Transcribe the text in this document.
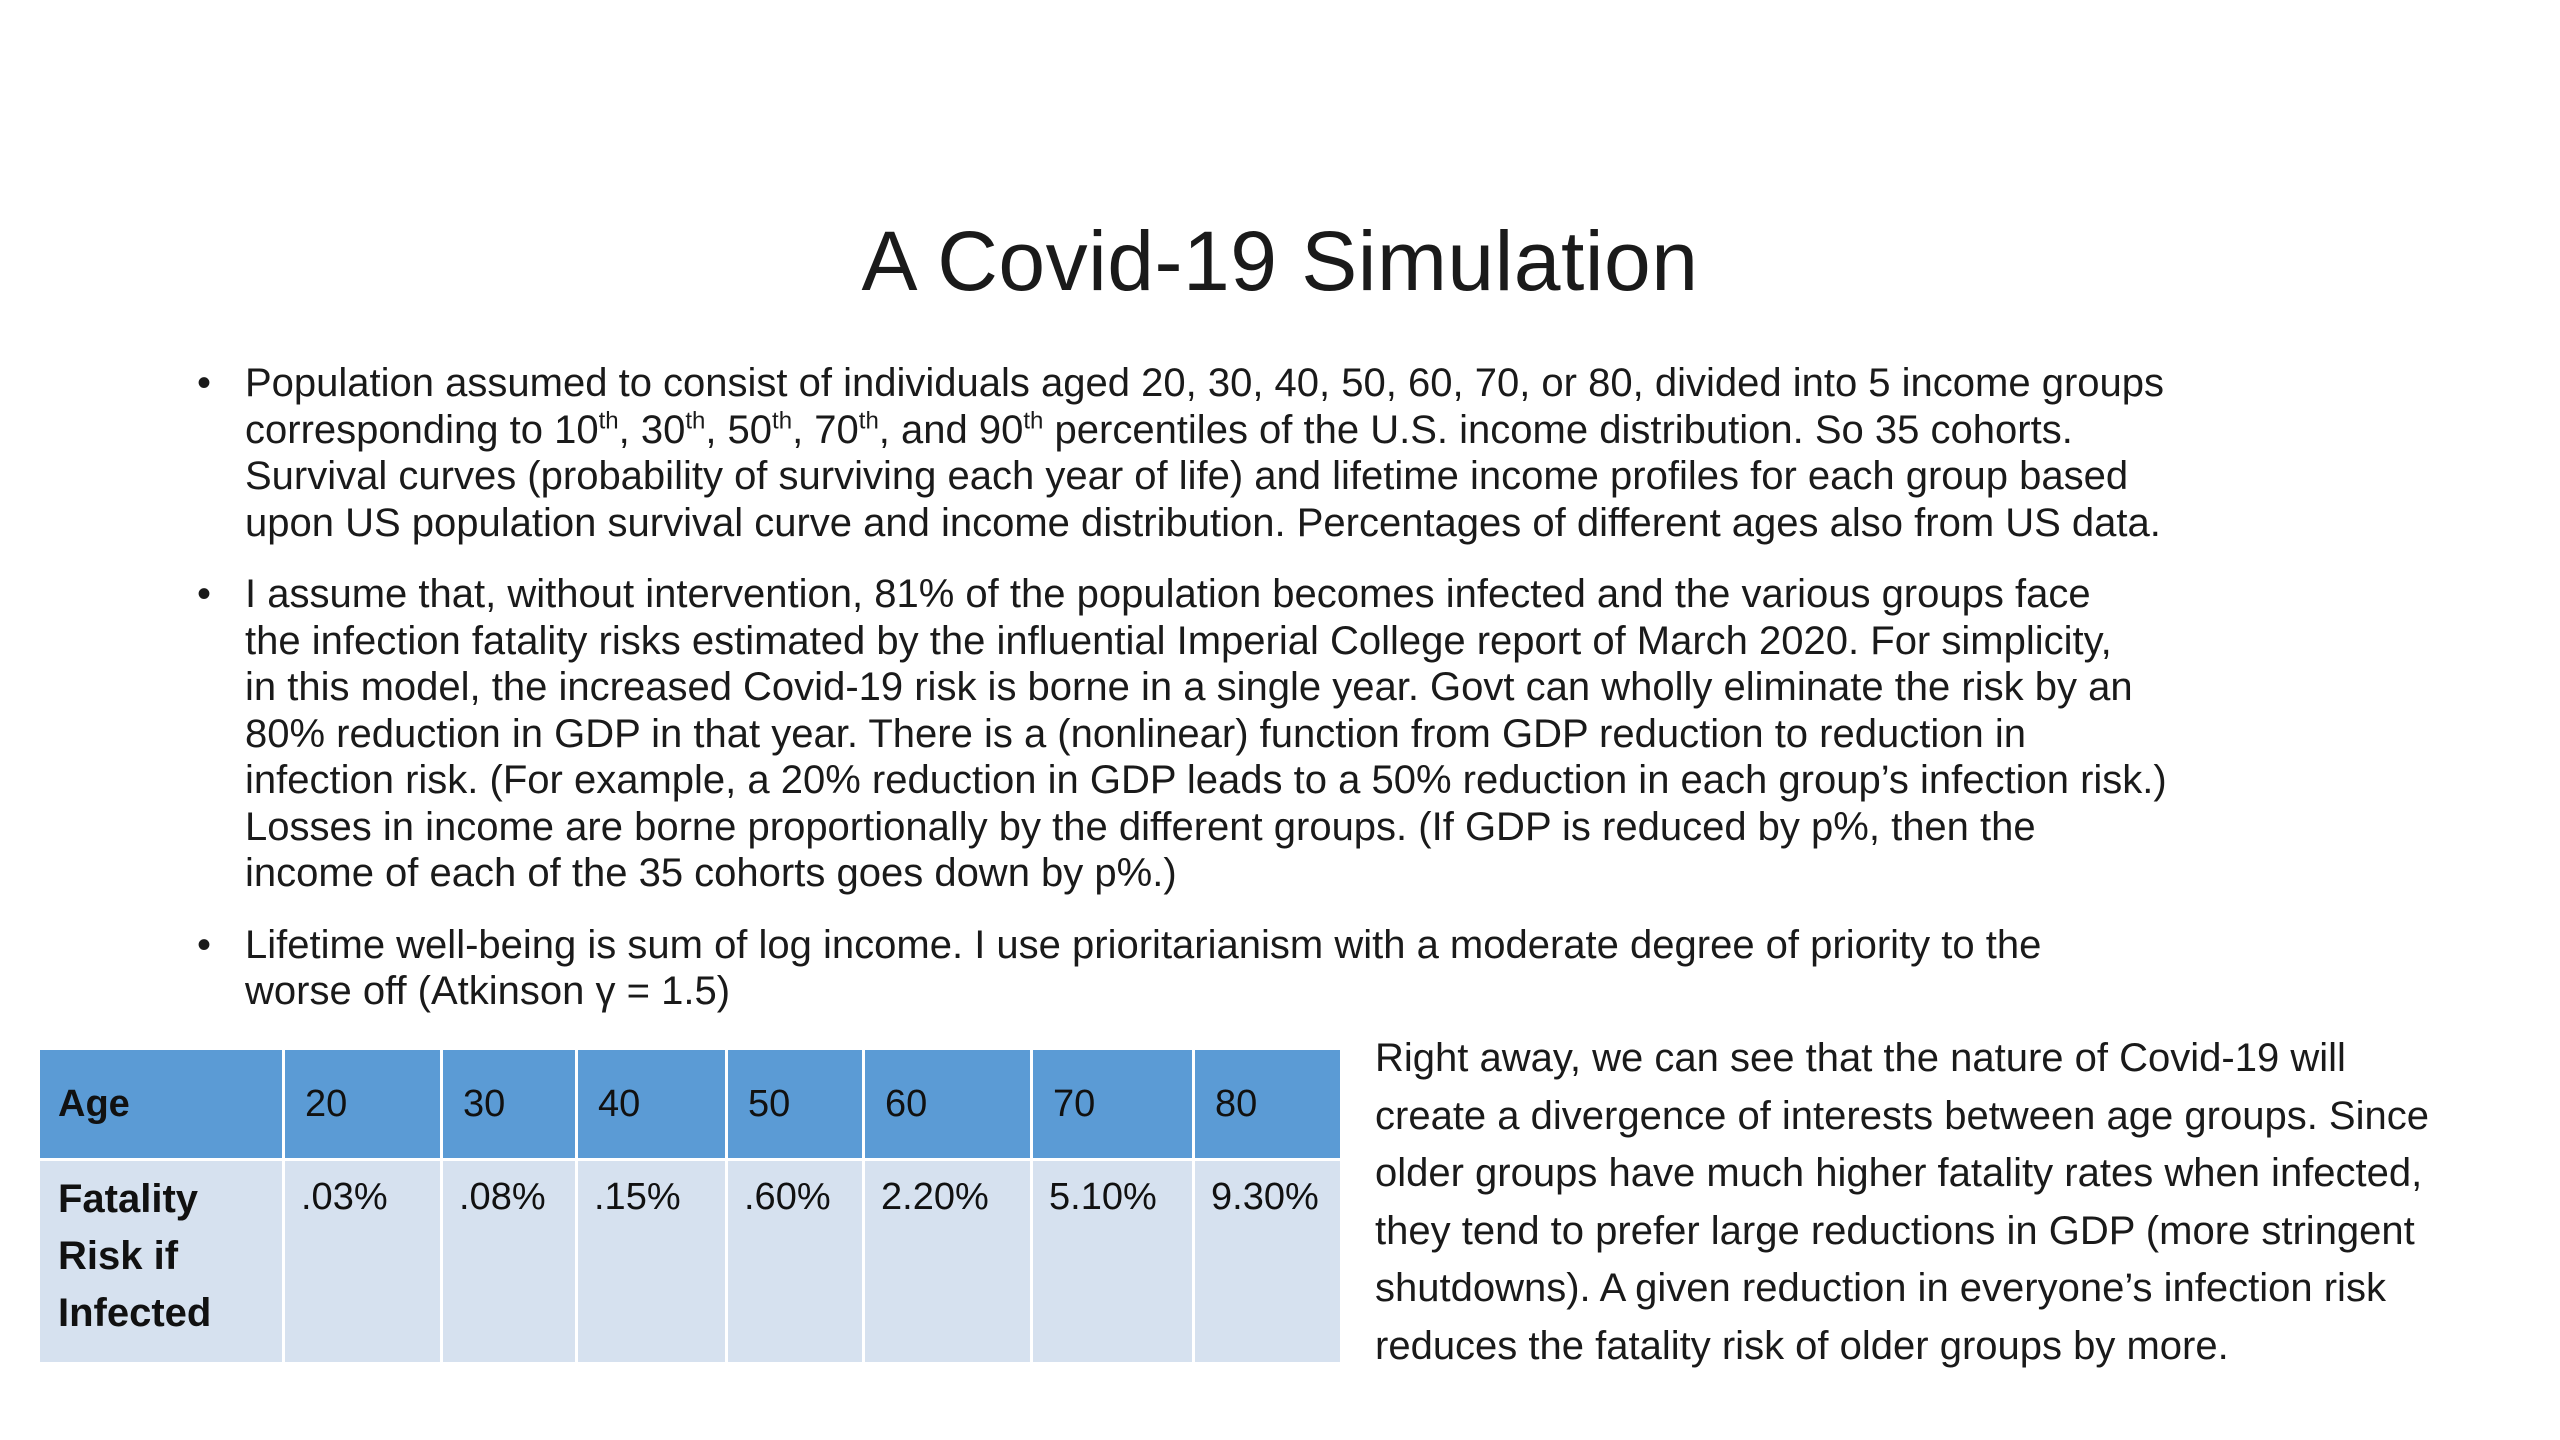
A Covid-19 Simulation
• Population assumed to consist of individuals aged 20, 30, 40, 50, 60, 70, or 80, divided into 5 income groups
corresponding to 10th, 30th, 50th, 70th, and 90th percentiles of the U.S. income distribution. So 35 cohorts.
Survival curves (probability of surviving each year of life) and lifetime income profiles for each group based
upon US population survival curve and income distribution. Percentages of different ages also from US data.
• I assume that, without intervention, 81% of the population becomes infected and the various groups face
the infection fatality risks estimated by the influential Imperial College report of March 2020. For simplicity,
in this model, the increased Covid-19 risk is borne in a single year. Govt can wholly eliminate the risk by an
80% reduction in GDP in that year. There is a (nonlinear) function from GDP reduction to reduction in
infection risk. (For example, a 20% reduction in GDP leads to a 50% reduction in each group’s infection risk.)
Losses in income are borne proportionally by the different groups. (If GDP is reduced by p%, then the
income of each of the 35 cohorts goes down by p%.)
• Lifetime well-being is sum of log income. I use prioritarianism with a moderate degree of priority to the
worse off (Atkinson γ = 1.5)
Age	20	30	40	50	60	70	80

Fatality
Risk if
Infected	.03%	.08%	.15%	.60%	2.20%	5.10%	9.30%
Right away, we can see that the nature of Covid-19 will
create a divergence of interests between age groups. Since
older groups have much higher fatality rates when infected,
they tend to prefer large reductions in GDP (more stringent
shutdowns). A given reduction in everyone’s infection risk
reduces the fatality risk of older groups by more.
